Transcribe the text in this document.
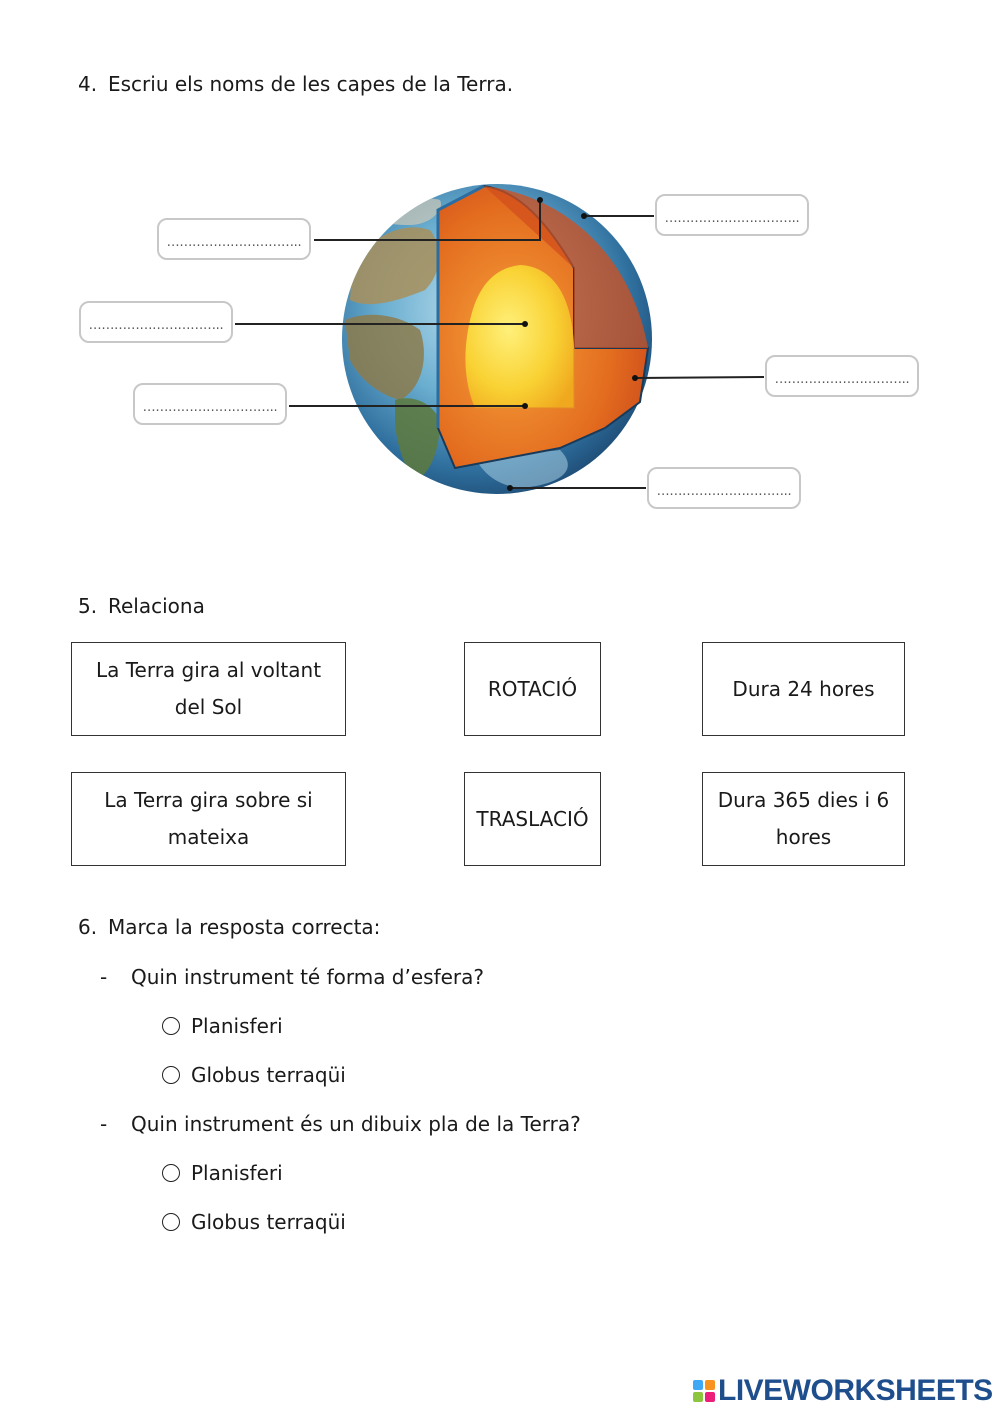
4. Escriu els noms de les capes de la Terra.
…………………………..
…………………………..
…………………………..
…………………………..
…………………………..
…………………………..
5. Relaciona
La Terra gira al voltant del Sol
ROTACIÓ	Dura 24 hores
La Terra gira sobre si mateixa
TRASLACIÓ
Dura 365 dies i 6 hores
6. Marca la resposta correcta:
- Quin instrument té forma d’esfera?
Planisferi
Globus terraqüi
- Quin instrument és un dibuix pla de la Terra?
Planisferi
Globus terraqüi
LIVEWORKSHEETS
